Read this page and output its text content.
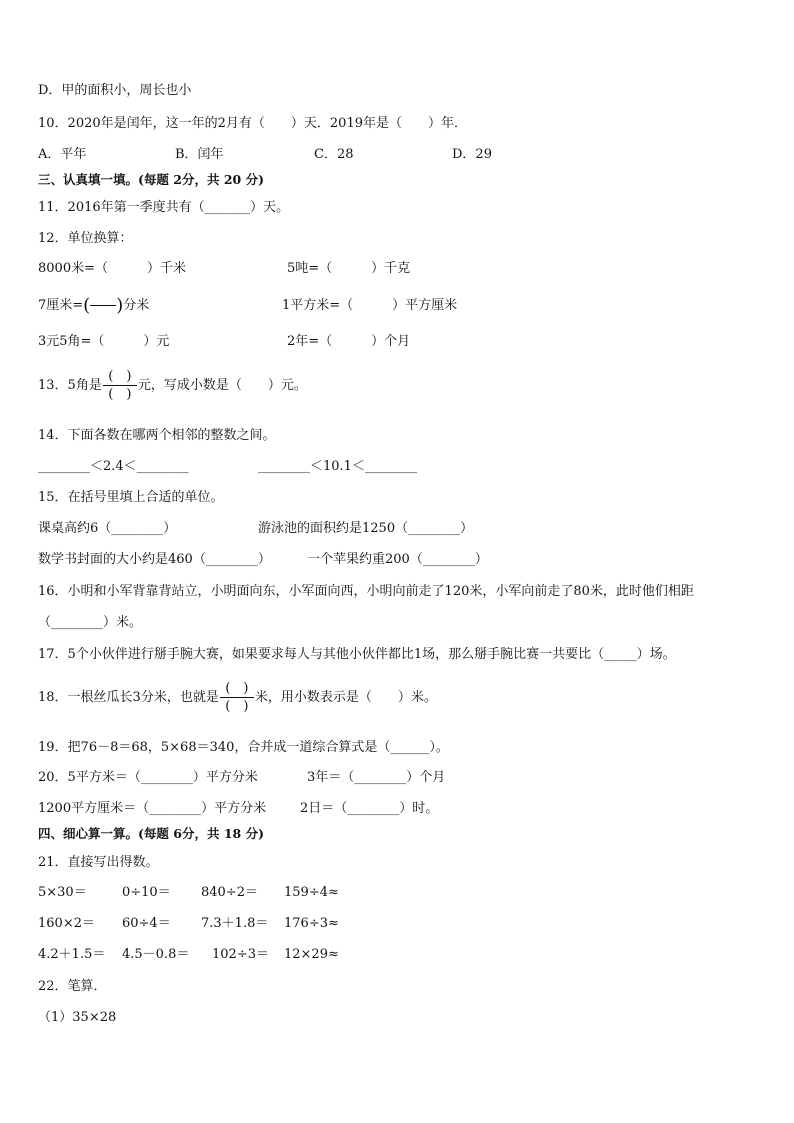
D．甲的面积小，周长也小
10．2020年是闰年，这一年的2月有（　　）天．2019年是（　　）年．
A．平年	B．闰年	C．28	D．29
三、认真填一填。(每题 2分，共 20 分)
11．2016年第一季度共有（_______）天。
12．单位换算：
8000米=（　　　）千米	5吨=（　　　）千克
7厘米=( )分米	1平方米=（　　　）平方厘米
3元5角=（　　　）元	2年=（　　　）个月
13．5角是 $\frac{( )}{( )}$ 元，写成小数是（　　）元。
14．下面各数在哪两个相邻的整数之间。
________＜2.4＜________	________＜10.1＜________
15．在括号里填上合适的单位。
课桌高约6（________）	游泳池的面积约是1250（________）
数学书封面的大小约是460（________）	一个苹果约重200（________）
16．小明和小军背靠背站立，小明面向东，小军面向西，小明向前走了120米，小军向前走了80米，此时他们相距
（________）米。
17．5个小伙伴进行掰手腕大赛，如果要求每人与其他小伙伴都比1场，那么掰手腕比赛一共要比（_____）场。
18．一根丝瓜长3分米，也就是 $\frac{( )}{( )}$ 米，用小数表示是（　　）米。
19．把76－8＝68，5×68＝340，合并成一道综合算式是（______）。
20．5平方米＝（________）平方分米	3年＝（________）个月
1200平方厘米＝（________）平方分米	2日＝（________）时。
四、细心算一算。(每题 6分，共 18 分)
21．直接写出得数。
5×30＝	0÷10＝ 840÷2＝ 159÷4≈
160×2＝ 60÷4＝ 7.3＋1.8＝ 176÷3≈
4.2＋1.5＝ 4.5－0.8＝ 102÷3＝ 12×29≈
22．笔算．
（1）35×28
